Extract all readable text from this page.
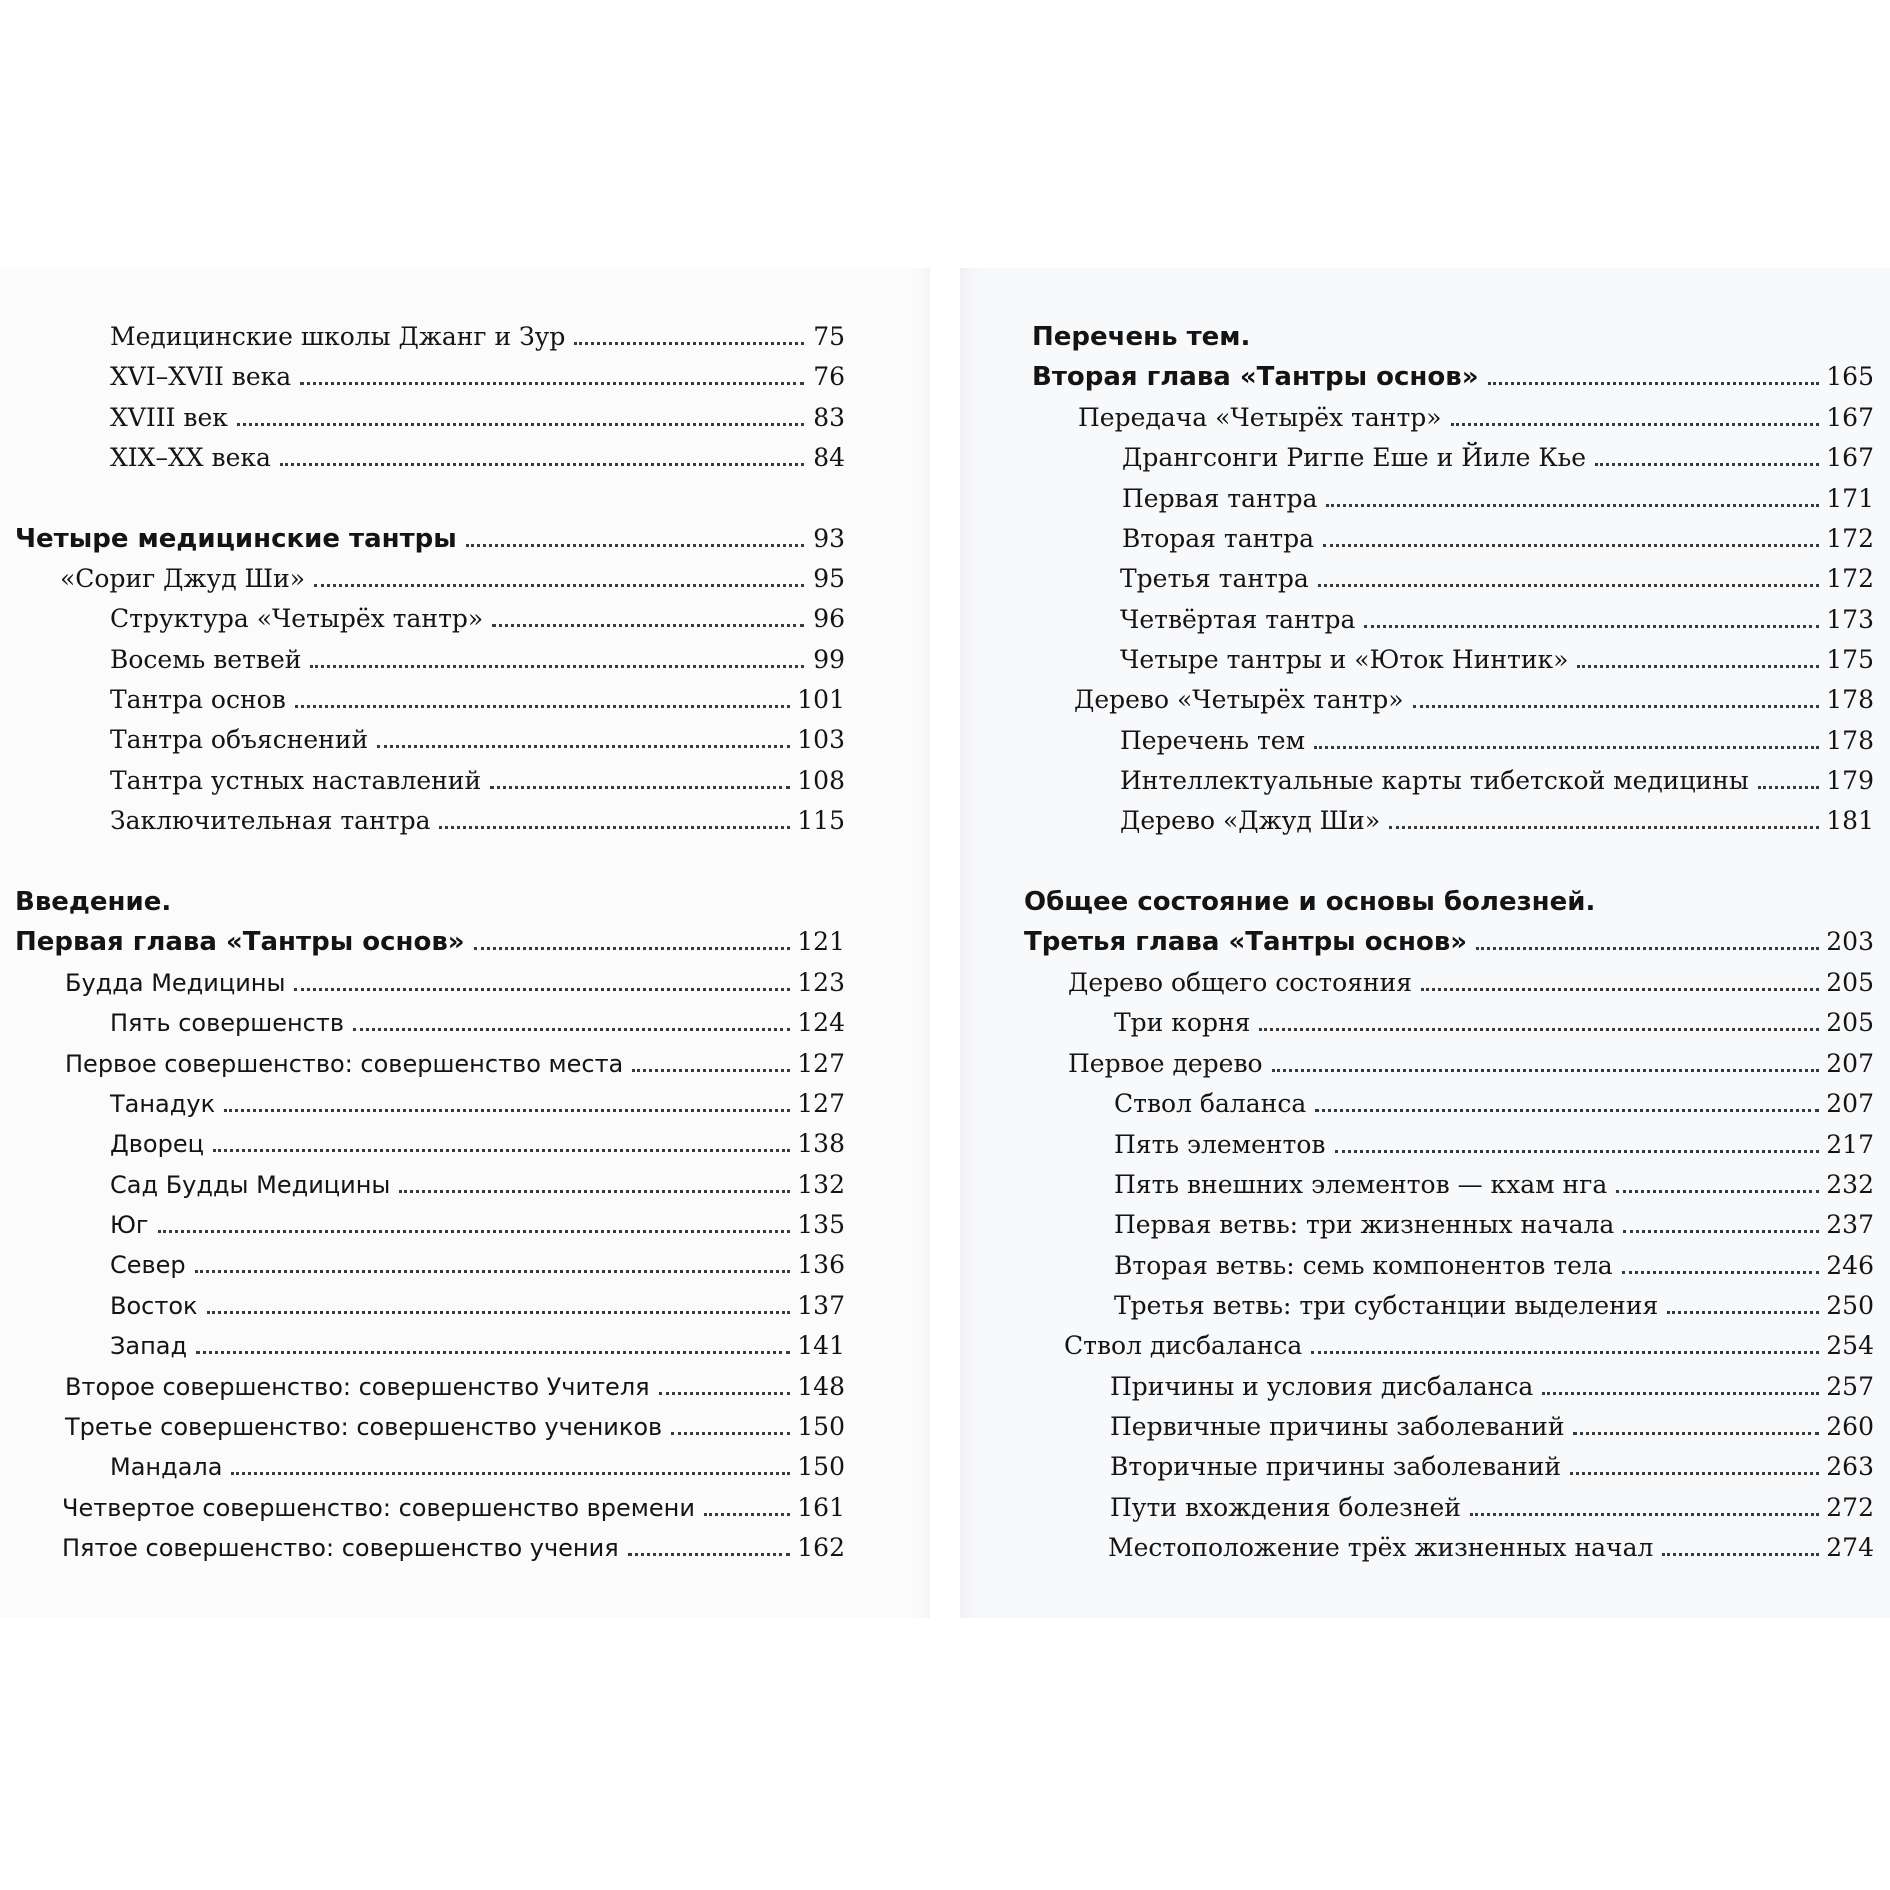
Медицинские школы Джанг и Зур	75
XVI–XVII века	76
XVIII век	83
XIX–XX века	84
Четыре медицинские тантры	93
«Сориг Джуд Ши»	95
Структура «Четырёх тантр»	96
Восемь ветвей	99
Тантра основ	101
Тантра объяснений	103
Тантра устных наставлений	108
Заключительная тантра	115
Введение.
Первая глава «Тантры основ»	121
Будда Медицины	123
Пять совершенств	124
Первое совершенство: совершенство места	127
Танадук	127
Дворец	138
Сад Будды Медицины	132
Юг	135
Север	136
Восток	137
Запад	141
Второе совершенство: совершенство Учителя	148
Третье совершенство: совершенство учеников	150
Мандала	150
Четвертое совершенство: совершенство времени	161
Пятое совершенство: совершенство учения	162
Перечень тем.
Вторая глава «Тантры основ»	165
Передача «Четырёх тантр»	167
Дрангсонги Ригпе Еше и Йиле Кье	167
Первая тантра	171
Вторая тантра	172
Третья тантра	172
Четвёртая тантра	173
Четыре тантры и «Юток Нинтик»	175
Дерево «Четырёх тантр»	178
Перечень тем	178
Интеллектуальные карты тибетской медицины	179
Дерево «Джуд Ши»	181
Общее состояние и основы болезней.
Третья глава «Тантры основ»	203
Дерево общего состояния	205
Три корня	205
Первое дерево	207
Ствол баланса	207
Пять элементов	217
Пять внешних элементов — кхам нга	232
Первая ветвь: три жизненных начала	237
Вторая ветвь: семь компонентов тела	246
Третья ветвь: три субстанции выделения	250
Ствол дисбаланса	254
Причины и условия дисбаланса	257
Первичные причины заболеваний	260
Вторичные причины заболеваний	263
Пути вхождения болезней	272
Местоположение трёх жизненных начал	274
